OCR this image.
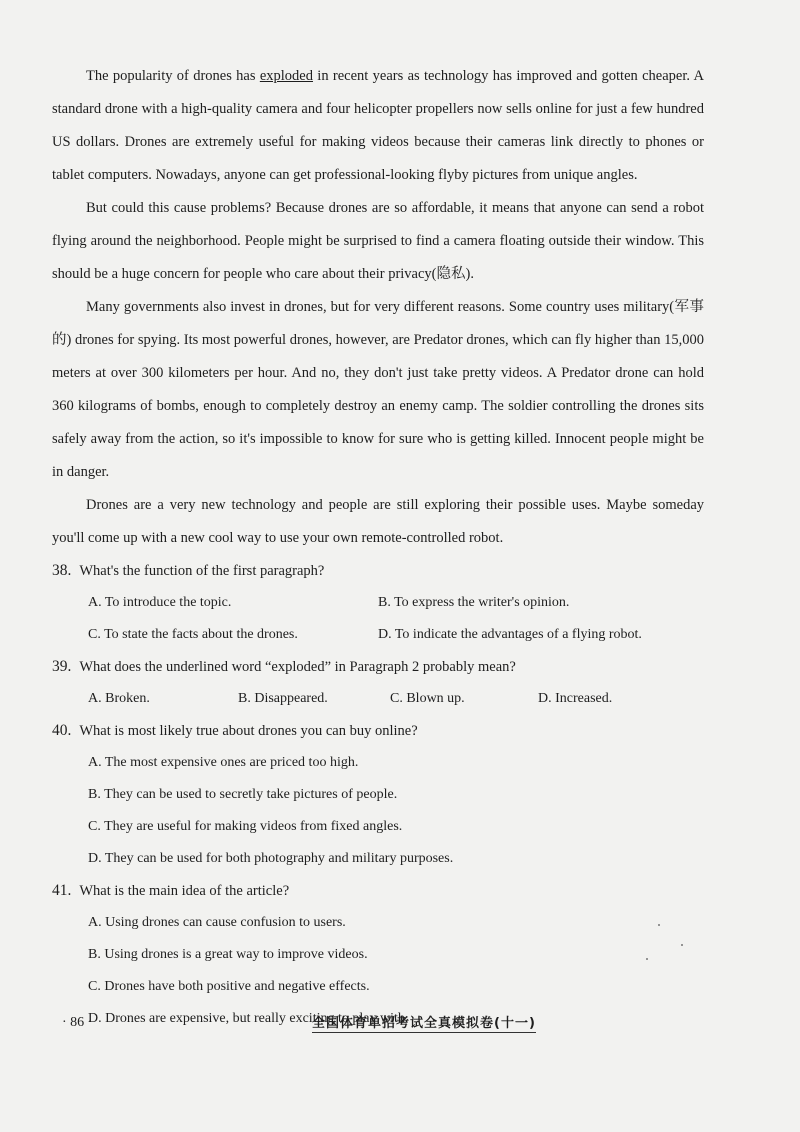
The popularity of drones has exploded in recent years as technology has improved and gotten cheaper. A standard drone with a high-quality camera and four helicopter propellers now sells online for just a few hundred US dollars. Drones are extremely useful for making videos because their cameras link directly to phones or tablet computers. Nowadays, anyone can get professional-looking flyby pictures from unique angles.

But could this cause problems? Because drones are so affordable, it means that anyone can send a robot flying around the neighborhood. People might be surprised to find a camera floating outside their window. This should be a huge concern for people who care about their privacy(隐私).

Many governments also invest in drones, but for very different reasons. Some country uses military(军事的) drones for spying. Its most powerful drones, however, are Predator drones, which can fly higher than 15,000 meters at over 300 kilometers per hour. And no, they don't just take pretty videos. A Predator drone can hold 360 kilograms of bombs, enough to completely destroy an enemy camp. The soldier controlling the drones sits safely away from the action, so it's impossible to know for sure who is getting killed. Innocent people might be in danger.

Drones are a very new technology and people are still exploring their possible uses. Maybe someday you'll come up with a new cool way to use your own remote-controlled robot.

38. What's the function of the first paragraph?

A. To introduce the topic.	B. To express the writer's opinion.
C. To state the facts about the drones.	D. To indicate the advantages of a flying robot.

39. What does the underlined word “exploded” in Paragraph 2 probably mean?

A. Broken.	B. Disappeared.	C. Blown up.	D. Increased.

40. What is most likely true about drones you can buy online?

A. The most expensive ones are priced too high.

B. They can be used to secretly take pictures of people.

C. They are useful for making videos from fixed angles.

D. They can be used for both photography and military purposes.

41. What is the main idea of the article?

A. Using drones can cause confusion to users.

B. Using drones is a great way to improve videos.

C. Drones have both positive and negative effects.

D. Drones are expensive, but really exciting to play with.

· 86 ·	全国体育单招考试全真模拟卷(十一)
